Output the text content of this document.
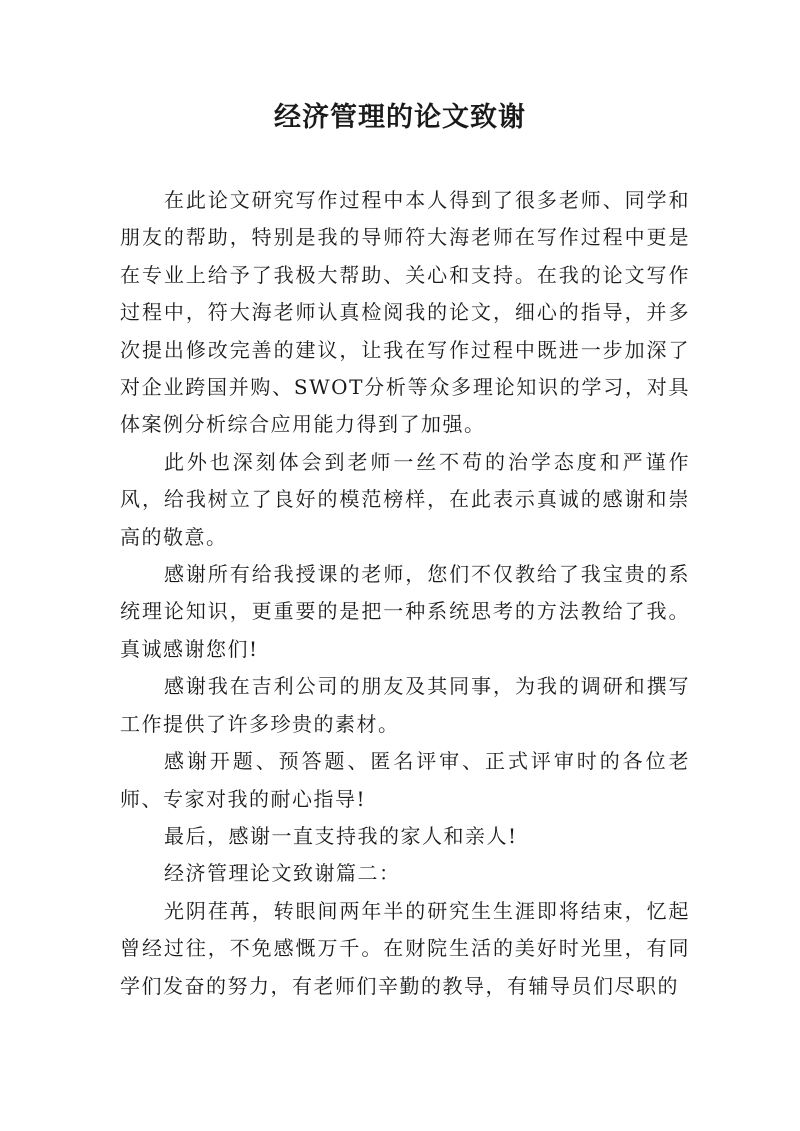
经济管理的论文致谢

在此论文研究写作过程中本人得到了很多老师、同学和朋友的帮助，特别是我的导师符大海老师在写作过程中更是在专业上给予了我极大帮助、关心和支持。在我的论文写作过程中，符大海老师认真检阅我的论文，细心的指导，并多次提出修改完善的建议，让我在写作过程中既进一步加深了对企业跨国并购、SWOT分析等众多理论知识的学习，对具体案例分析综合应用能力得到了加强。

此外也深刻体会到老师一丝不苟的治学态度和严谨作风，给我树立了良好的模范榜样，在此表示真诚的感谢和崇高的敬意。

感谢所有给我授课的老师，您们不仅教给了我宝贵的系统理论知识，更重要的是把一种系统思考的方法教给了我。真诚感谢您们!

感谢我在吉利公司的朋友及其同事，为我的调研和撰写工作提供了许多珍贵的素材。

感谢开题、预答题、匿名评审、正式评审时的各位老师、专家对我的耐心指导!

最后，感谢一直支持我的家人和亲人!

经济管理论文致谢篇二：

光阴荏苒，转眼间两年半的研究生生涯即将结束，忆起曾经过往，不免感慨万千。在财院生活的美好时光里，有同学们发奋的努力，有老师们辛勤的教导，有辅导员们尽职的
